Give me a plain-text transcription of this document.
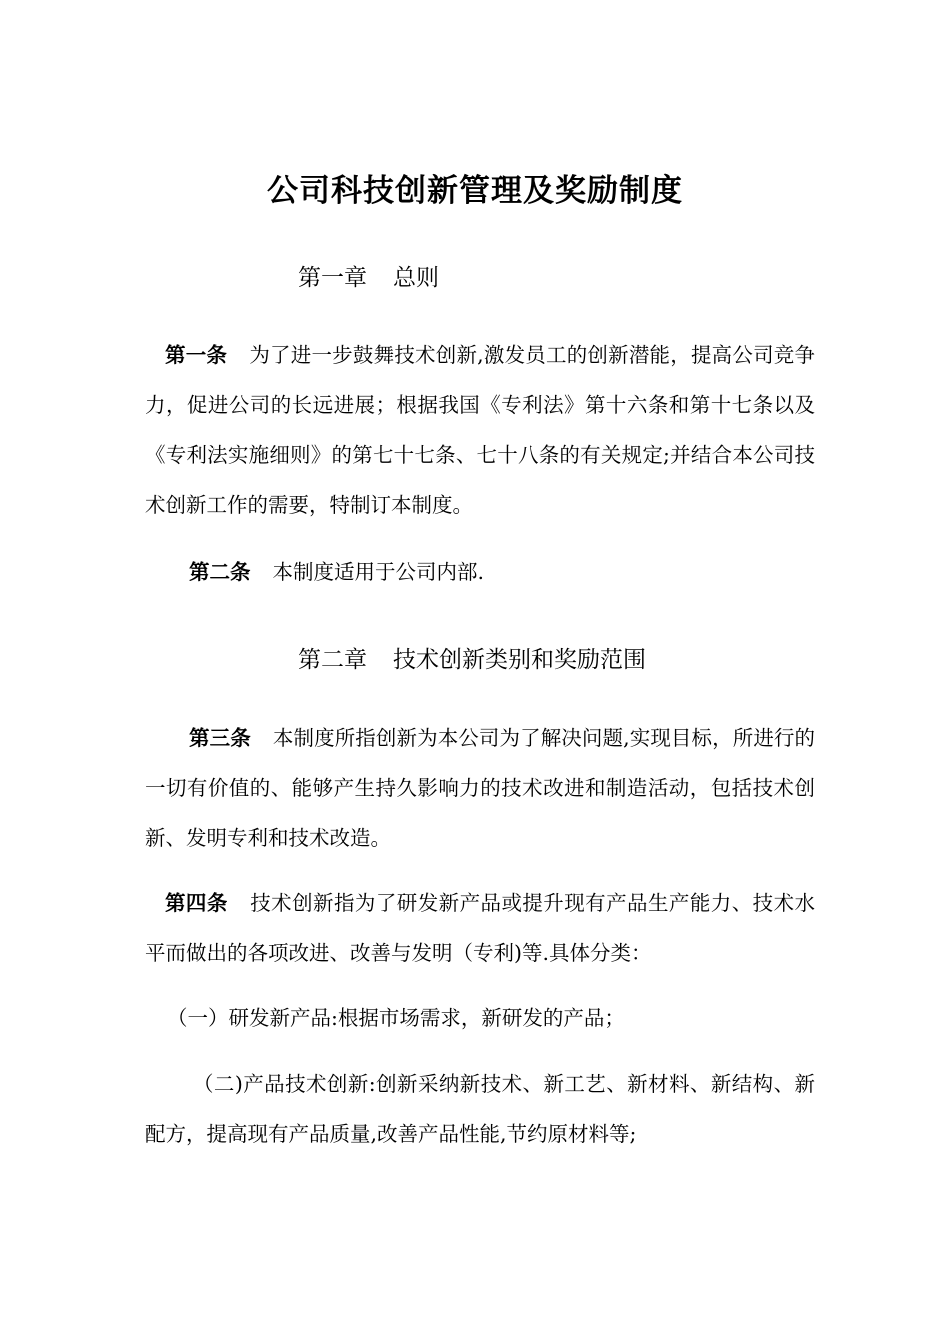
公司科技创新管理及奖励制度
第一章 总则
第一条 为了进一步鼓舞技术创新,激发员工的创新潜能，提高公司竞争力，促进公司的长远进展；根据我国《专利法》第十六条和第十七条以及《专利法实施细则》的第七十七条、七十八条的有关规定;并结合本公司技术创新工作的需要，特制订本制度。
第二条 本制度适用于公司内部.
第二章 技术创新类别和奖励范围
第三条 本制度所指创新为本公司为了解决问题,实现目标，所进行的一切有价值的、能够产生持久影响力的技术改进和制造活动，包括技术创新、发明专利和技术改造。
第四条 技术创新指为了研发新产品或提升现有产品生产能力、技术水平而做出的各项改进、改善与发明（专利)等.具体分类：
（一）研发新产品:根据市场需求，新研发的产品；
（二)产品技术创新:创新采纳新技术、新工艺、新材料、新结构、新配方，提高现有产品质量,改善产品性能,节约原材料等;
